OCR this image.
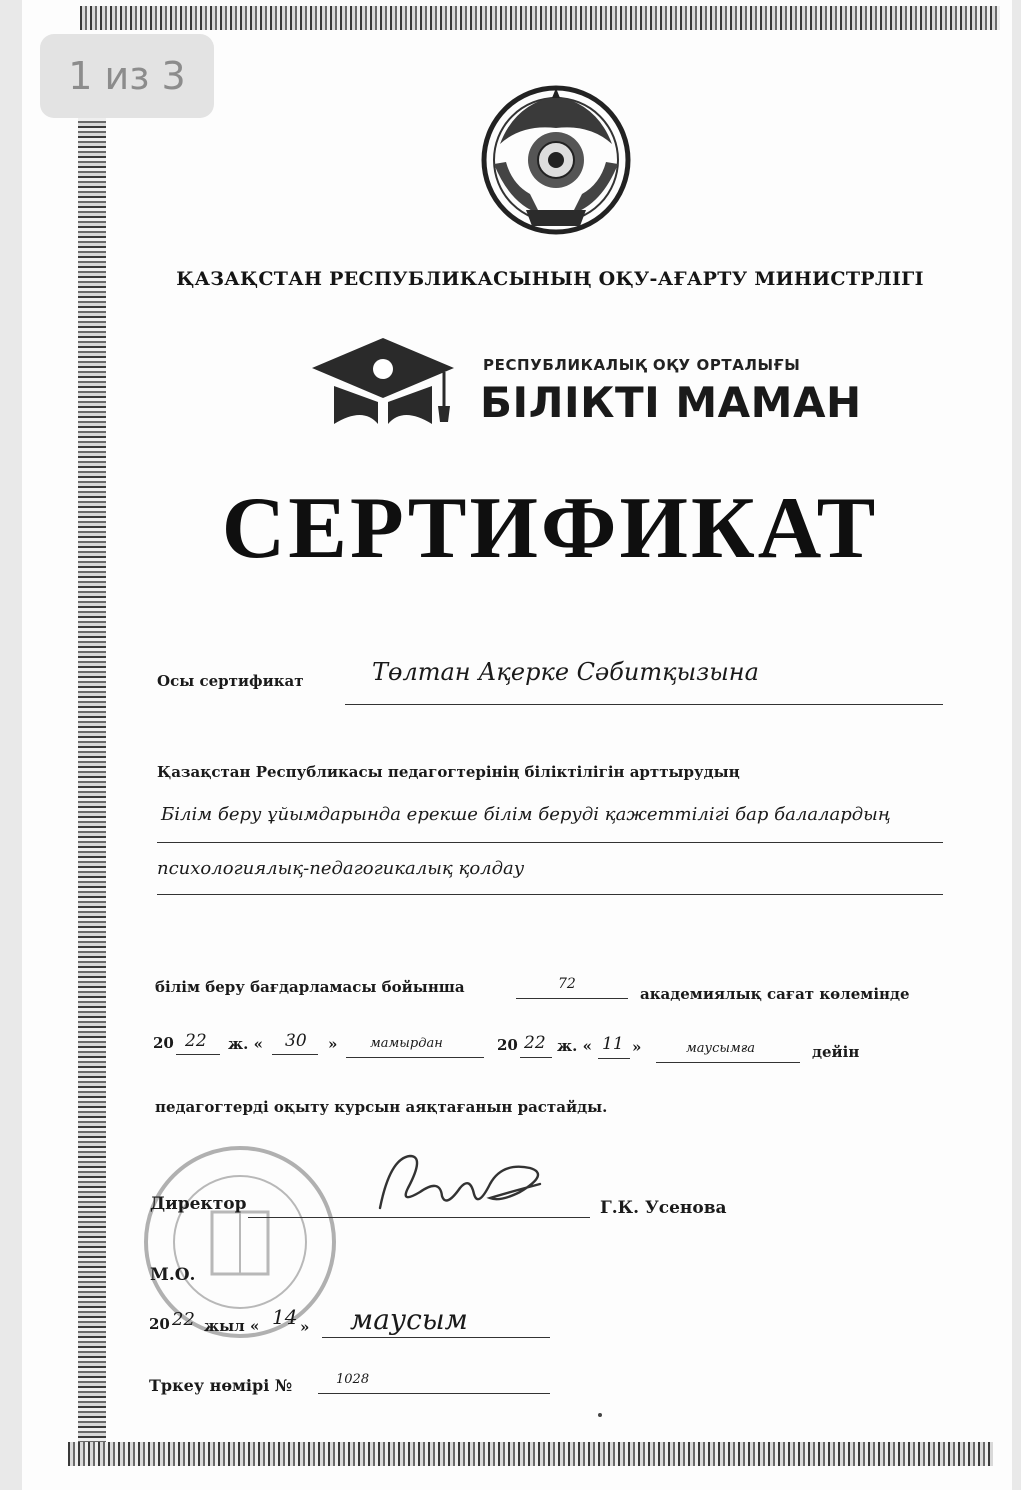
1 из 3
ҚАЗАҚСТАН РЕСПУБЛИКАСЫНЫҢ ОҚУ-АҒАРТУ МИНИСТРЛІГІ
РЕСПУБЛИКАЛЫҚ ОҚУ ОРТАЛЫҒЫ
БІЛІКТІ МАМАН
СЕРТИФИКАТ
Осы сертификат	Төлтан Ақерке Сәбитқызына
Қазақстан Республикасы педагогтерінің біліктілігін арттырудың
Білім беру ұйымдарында ерекше білім берудi қажеттiлiгi бар балалардың
психологиялық-педагогикалық қолдау
білім беру бағдарламасы бойынша	72
академиялық сағат көлемінде
20 22 ж. « 30 »	мамырдан	20 22 ж. « 11 »	маусымға	дейін
педагогтерді оқыту курсын аяқтағанын растайды.
Директор	Г.К. Усенова
М.О.
20 22 жыл « 14 » маусым
Тркеу нөмірі №	1028
